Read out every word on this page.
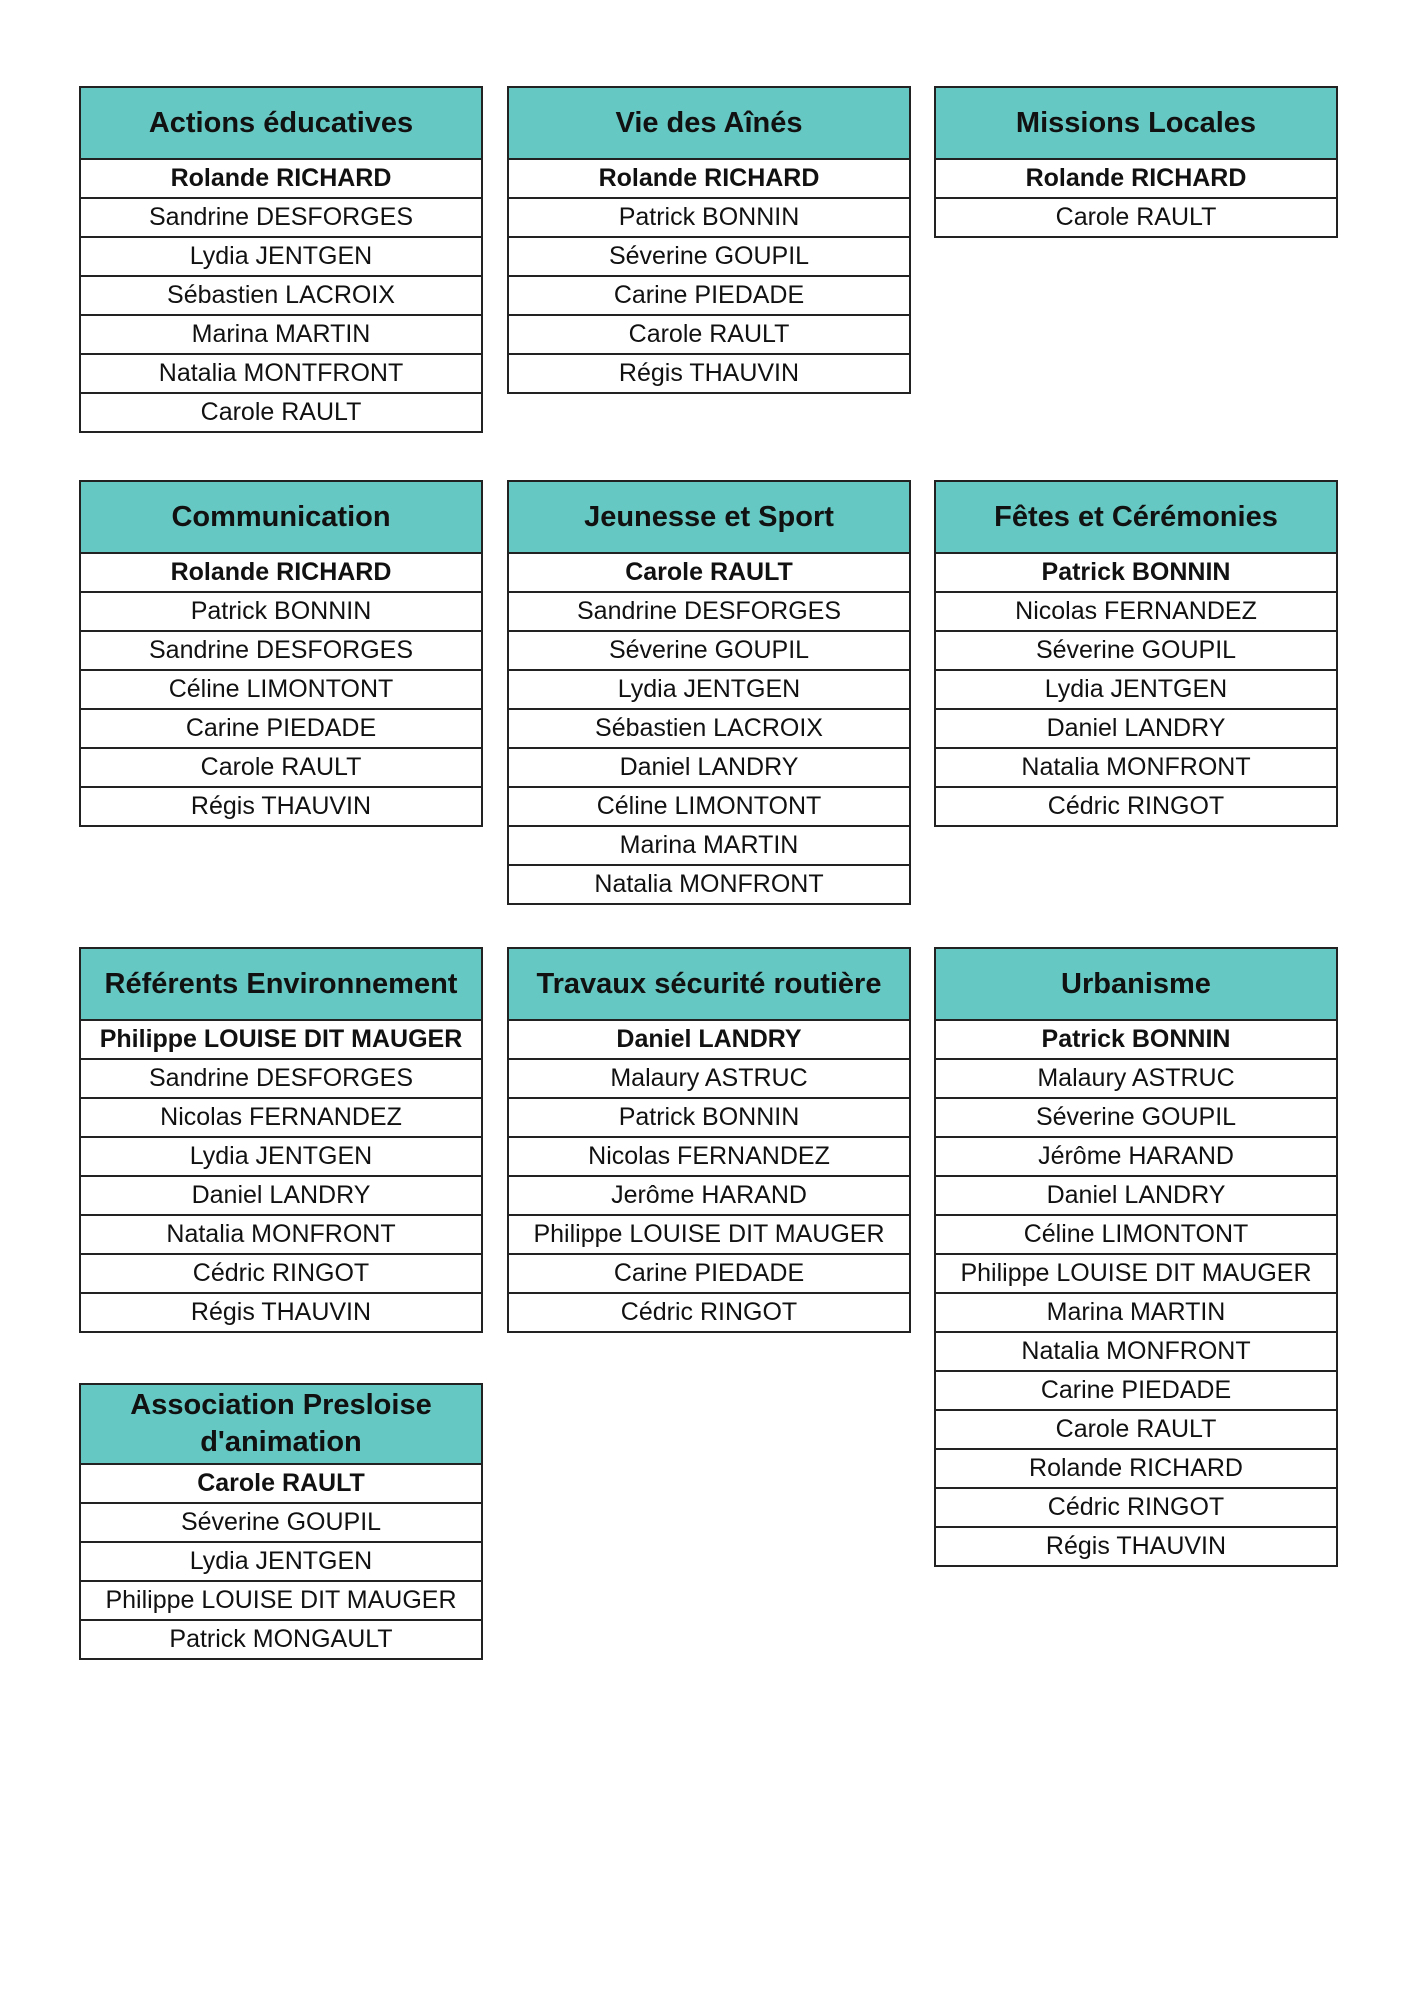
Actions éducatives
Rolande RICHARD
Sandrine DESFORGES
Lydia JENTGEN
Sébastien LACROIX
Marina MARTIN
Natalia MONTFRONT
Carole RAULT
Vie des Aînés
Rolande RICHARD
Patrick BONNIN
Séverine GOUPIL
Carine PIEDADE
Carole RAULT
Régis THAUVIN
Missions Locales
Rolande RICHARD
Carole RAULT
Communication
Rolande RICHARD
Patrick BONNIN
Sandrine DESFORGES
Céline LIMONTONT
Carine PIEDADE
Carole RAULT
Régis THAUVIN
Jeunesse et Sport
Carole RAULT
Sandrine DESFORGES
Séverine GOUPIL
Lydia JENTGEN
Sébastien LACROIX
Daniel LANDRY
Céline LIMONTONT
Marina MARTIN
Natalia MONFRONT
Fêtes et Cérémonies
Patrick BONNIN
Nicolas FERNANDEZ
Séverine GOUPIL
Lydia JENTGEN
Daniel LANDRY
Natalia MONFRONT
Cédric RINGOT
Référents Environnement
Philippe LOUISE DIT MAUGER
Sandrine DESFORGES
Nicolas FERNANDEZ
Lydia JENTGEN
Daniel LANDRY
Natalia MONFRONT
Cédric RINGOT
Régis THAUVIN
Travaux sécurité routière
Daniel LANDRY
Malaury ASTRUC
Patrick BONNIN
Nicolas FERNANDEZ
Jerôme HARAND
Philippe LOUISE DIT MAUGER
Carine PIEDADE
Cédric RINGOT
Urbanisme
Patrick BONNIN
Malaury ASTRUC
Séverine GOUPIL
Jérôme HARAND
Daniel LANDRY
Céline LIMONTONT
Philippe LOUISE DIT MAUGER
Marina MARTIN
Natalia MONFRONT
Carine PIEDADE
Carole RAULT
Rolande RICHARD
Cédric RINGOT
Régis THAUVIN
Association Presloise d'animation
Carole RAULT
Séverine GOUPIL
Lydia JENTGEN
Philippe LOUISE DIT MAUGER
Patrick MONGAULT
